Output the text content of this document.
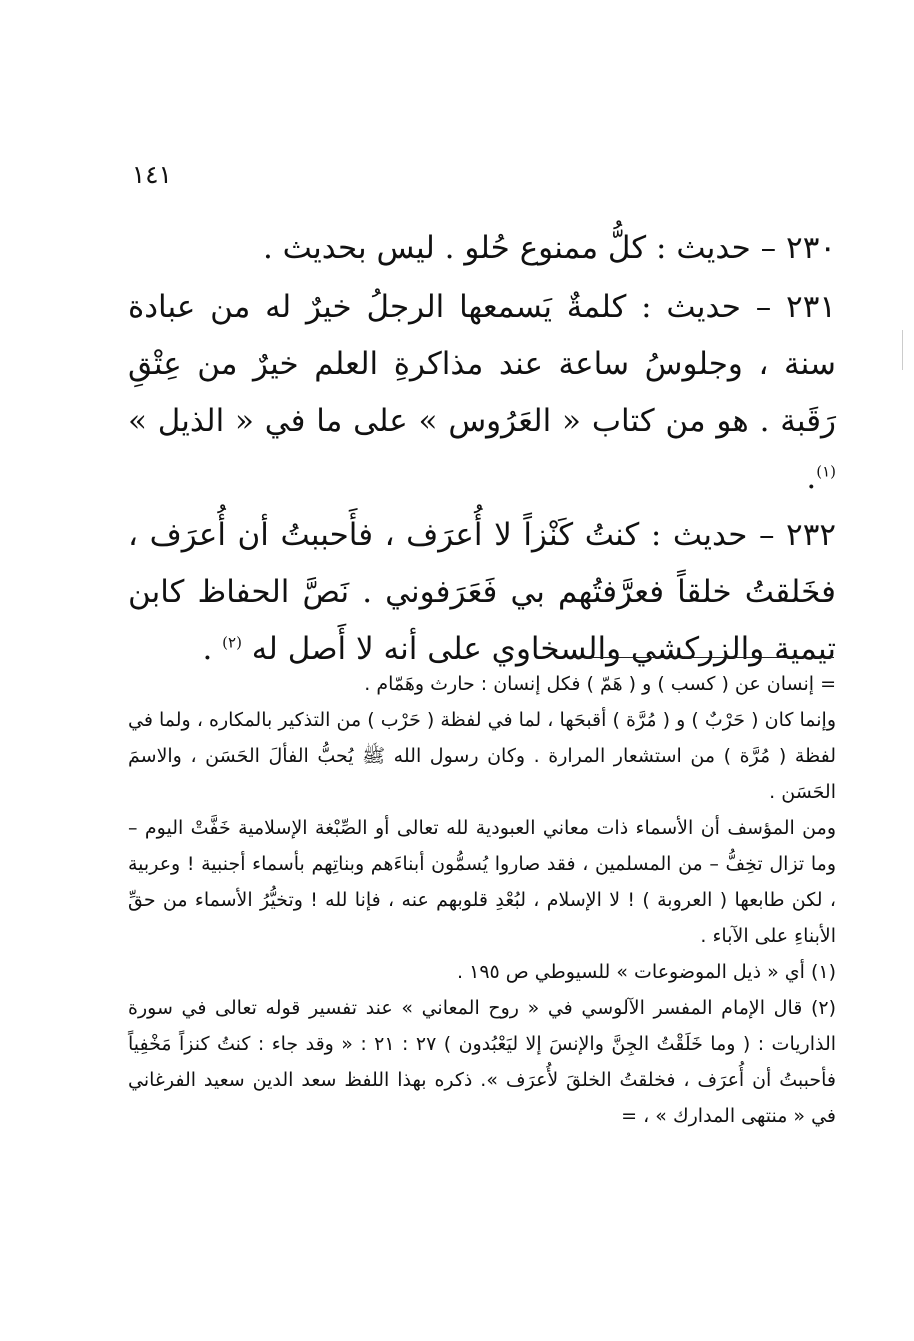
١٤١

٢٣٠ – حديث : كلُّ ممنوع حُلو . ليس بحديث .

٢٣١ – حديث : كلمةٌ يَسمعها الرجلُ خيرٌ له من عبادة سنة ، وجلوسُ ساعة عند مذاكرةِ العلم خيرٌ من عِتْقِ رَقَبة . هو من كتاب « العَرُوس » على ما في « الذيل » $^{(١)}$.

٢٣٢ – حديث : كنتُ كَنْزاً لا أُعرَف ، فأَحببتُ أن أُعرَف ، فخَلقتُ خلقاً فعرَّفتُهم بي فَعَرَفوني . نَصَّ الحفاظ كابن تيمية والزركشي والسخاوي على أنه لا أَصل له $^{(٢)}$ .

= إنسان عن ( كسب ) و ( هَمّ ) فكل إنسان : حارث وهَمّام .

وإنما كان ( حَرْبٌ ) و ( مُرَّة ) أقبحَها ، لما في لفظة ( حَرْب ) من التذكير بالمكاره ، ولما في لفظة ( مُرَّة ) من استشعار المرارة . وكان رسول الله ﷺ يُحبُّ الفألَ الحَسَن ، والاسمَ الحَسَن .

ومن المؤسف أن الأسماء ذات معاني العبودية لله تعالى أو الصِّبْغة الإسلامية خَفَّتْ اليوم – وما تزال تخِفُّ – من المسلمين ، فقد صاروا يُسمُّون أبناءَهم وبناتِهم بأسماء أجنبية ! وعربية ، لكن طابعها ( العروبة ) ! لا الإسلام ، لبُعْدِ قلوبهم عنه ، فإنا لله ! وتخيُّرُ الأسماء من حقِّ الأبناءِ على الآباء .

(١) أي « ذيل الموضوعات » للسيوطي ص ١٩٥ .

(٢) قال الإمام المفسر الآلوسي في « روح المعاني » عند تفسير قوله تعالى في سورة الذاريات : ( وما خَلَقْتُ الجِنَّ والإنسَ إلا ليَعْبُدون ) ٢٧ : ٢١ : « وقد جاء : كنتُ كنزاً مَخْفِياً فأحببتُ أن أُعرَف ، فخلقتُ الخلقَ لأُعرَف ». ذكره بهذا اللفظ سعد الدين سعيد الفرغاني في « منتهى المدارك » ، =
